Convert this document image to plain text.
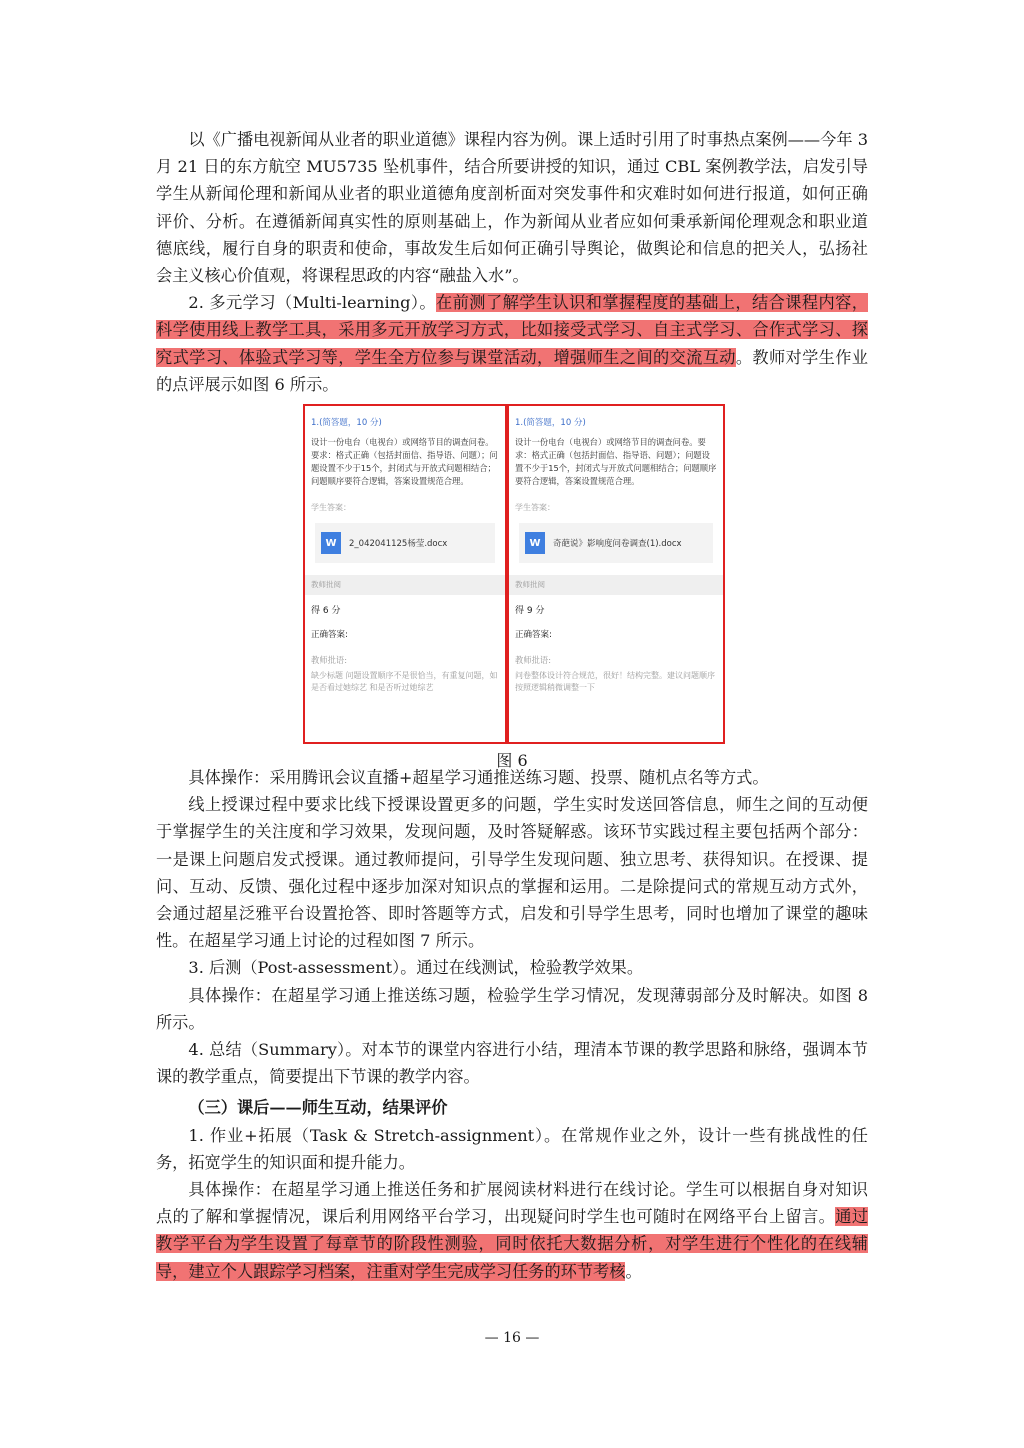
以《广播电视新闻从业者的职业道德》课程内容为例。课上适时引用了时事热点案例——今年 3 月 21 日的东方航空 MU5735 坠机事件，结合所要讲授的知识，通过 CBL 案例教学法，启发引导学生从新闻伦理和新闻从业者的职业道德角度剖析面对突发事件和灾难时如何进行报道，如何正确评价、分析。在遵循新闻真实性的原则基础上，作为新闻从业者应如何秉承新闻伦理观念和职业道德底线，履行自身的职责和使命，事故发生后如何正确引导舆论，做舆论和信息的把关人，弘扬社会主义核心价值观，将课程思政的内容“融盐入水”。

2. 多元学习（Multi-learning）。在前测了解学生认识和掌握程度的基础上，结合课程内容，科学使用线上教学工具，采用多元开放学习方式，比如接受式学习、自主式学习、合作式学习、探究式学习、体验式学习等，学生全方位参与课堂活动，增强师生之间的交流互动。教师对学生作业的点评展示如图 6 所示。

1.(简答题，10 分)
设计一份电台（电视台）或网络节目的调查问卷。要求：格式正确（包括封面信、指导语、问题）；问题设置不少于15个，封闭式与开放式问题相结合；问题顺序要符合逻辑，答案设置规范合理。
学生答案：
W	2_042041125杨莹.docx
教师批阅
得 6 分
正确答案:
教师批语:
缺少标题 问题设置顺序不是很恰当，有重复问题，如是否看过她综艺 和是否听过她综艺
1.(简答题，10 分)
设计一份电台（电视台）或网络节目的调查问卷。要求：格式正确（包括封面信、指导语、问题）；问题设置不少于15个，封闭式与开放式问题相结合；问题顺序要符合逻辑，答案设置规范合理。
学生答案：
W	奇葩说》影响度问卷调查(1).docx
教师批阅
得 9 分
正确答案:
教师批语:
问卷整体设计符合规范，很好！结构完整。建议问题顺序按照逻辑稍微调整一下
图 6

具体操作：采用腾讯会议直播+超星学习通推送练习题、投票、随机点名等方式。

线上授课过程中要求比线下授课设置更多的问题，学生实时发送回答信息，师生之间的互动便于掌握学生的关注度和学习效果，发现问题，及时答疑解惑。该环节实践过程主要包括两个部分：一是课上问题启发式授课。通过教师提问，引导学生发现问题、独立思考、获得知识。在授课、提问、互动、反馈、强化过程中逐步加深对知识点的掌握和运用。二是除提问式的常规互动方式外，会通过超星泛雅平台设置抢答、即时答题等方式，启发和引导学生思考，同时也增加了课堂的趣味性。在超星学习通上讨论的过程如图 7 所示。

3. 后测（Post-assessment）。通过在线测试，检验教学效果。

具体操作：在超星学习通上推送练习题，检验学生学习情况，发现薄弱部分及时解决。如图 8 所示。

4. 总结（Summary）。对本节的课堂内容进行小结，理清本节课的教学思路和脉络，强调本节课的教学重点，简要提出下节课的教学内容。

（三）课后——师生互动，结果评价

1. 作业+拓展（Task & Stretch-assignment）。在常规作业之外，设计一些有挑战性的任务，拓宽学生的知识面和提升能力。

具体操作：在超星学习通上推送任务和扩展阅读材料进行在线讨论。学生可以根据自身对知识点的了解和掌握情况，课后利用网络平台学习，出现疑问时学生也可随时在网络平台上留言。通过教学平台为学生设置了每章节的阶段性测验，同时依托大数据分析，对学生进行个性化的在线辅导，建立个人跟踪学习档案，注重对学生完成学习任务的环节考核。

— 16 —
